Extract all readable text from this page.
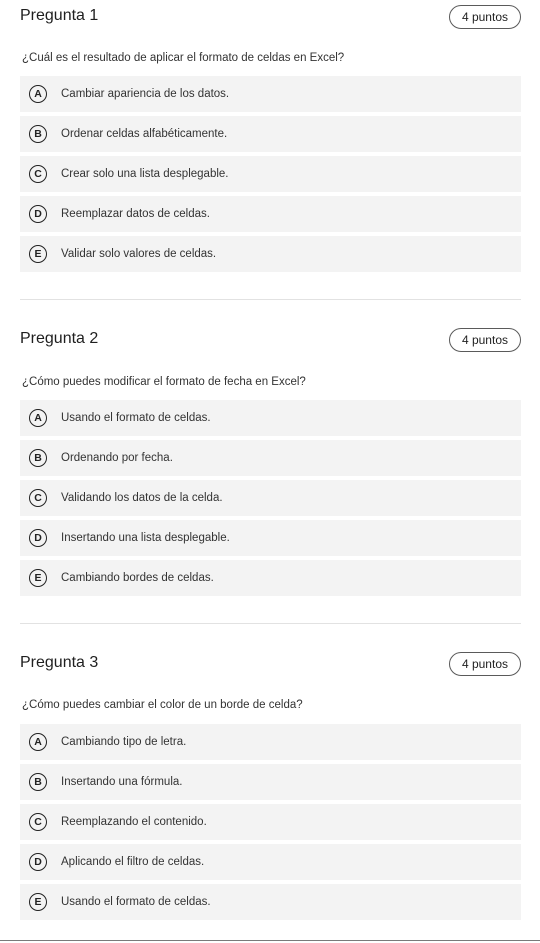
Pregunta 1	4 puntos
¿Cuál es el resultado de aplicar el formato de celdas en Excel?
A	Cambiar apariencia de los datos.
B	Ordenar celdas alfabéticamente.
C	Crear solo una lista desplegable.
D	Reemplazar datos de celdas.
E	Validar solo valores de celdas.
Pregunta 2	4 puntos
¿Cómo puedes modificar el formato de fecha en Excel?
A	Usando el formato de celdas.
B	Ordenando por fecha.
C	Validando los datos de la celda.
D	Insertando una lista desplegable.
E	Cambiando bordes de celdas.
Pregunta 3	4 puntos
¿Cómo puedes cambiar el color de un borde de celda?
A	Cambiando tipo de letra.
B	Insertando una fórmula.
C	Reemplazando el contenido.
D	Aplicando el filtro de celdas.
E	Usando el formato de celdas.
